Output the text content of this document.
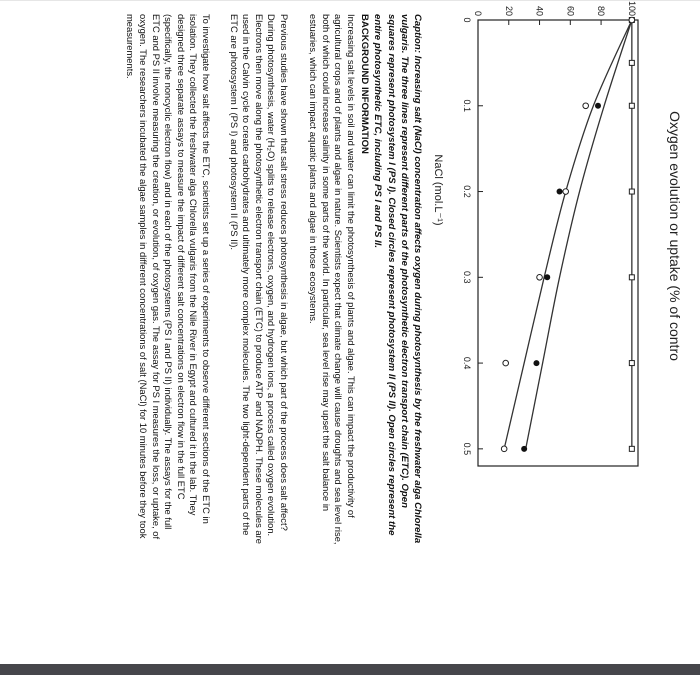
Oxygen evolution or uptake (% of contro
NaCl (mol.L⁻¹)
0 20 40 60 80 100
0
0.1
0.2
0.3
0.4
0.5
Caption: Increasing salt (NaCl) concentration affects oxygen during photosynthesis by the freshwater alga Chlorella vulgaris. The three lines represent different parts of the photosynthetic electron transport chain (ETC). Open squares represent photosystem I (PS I). Closed circles represent photosystem II (PS II). Open circles represent the entire photosynthetic ETC, including PS I and PS II.
BACKGROUND INFORMATION
Increasing salt levels in soil and water can limit the photosynthesis of plants and algae. This can impact the productivity of agricultural crops and of plants and algae in nature. Scientists expect that climate change will cause droughts and sea level rise, both of which could increase salinity in some parts of the world. In particular, sea level rise may upset the salt balance in estuaries, which can impact aquatic plants and algae in those ecosystems.
Previous studies have shown that salt stress reduces photosynthesis in algae, but which part of the process does salt affect? During photosynthesis, water (H₂O) splits to release electrons, oxygen, and hydrogen ions, a process called oxygen evolution. Electrons then move along the photosynthetic electron transport chain (ETC) to produce ATP and NADPH. These molecules are used in the Calvin cycle to create carbohydrates and ultimately more complex molecules. The two light-dependent parts of the ETC are photosystem I (PS I) and photosystem II (PS II).
To investigate how salt affects the ETC, scientists set up a series of experiments to observe different sections of the ETC in isolation. They collected the freshwater alga Chlorella vulgaris from the Nile River in Egypt and cultured it in the lab. They designed three separate assays to measure the impact of different salt concentrations on electron flow in the full ETC (specifically, the noncyclic electron flow) and in each of the photosystems (PS I and PS II) individually. The assays for the full ETC and PS II involve measuring the creation, or evolution, of oxygen gas. The assay for PS I measures the loss, or uptake, of oxygen. The researchers incubated the algae samples in different concentrations of salt (NaCl) for 10 minutes before they took measurements.
